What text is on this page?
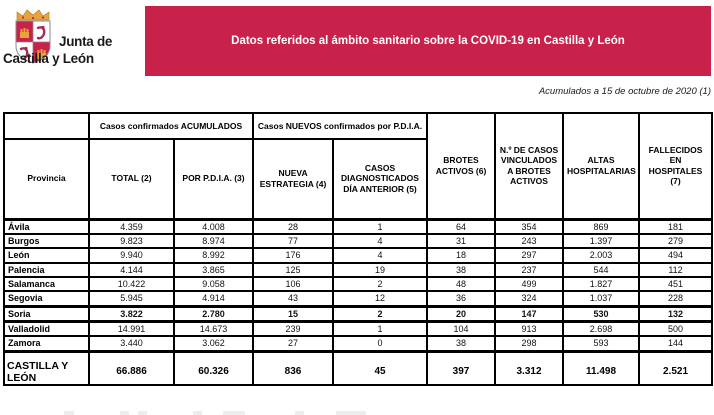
Junta de
Castilla y León
Datos referidos al ámbito sanitario sobre la COVID-19 en Castilla y León
Acumulados a 15 de octubre de 2020 (1)
	Casos confirmados ACUMULADOS		Casos NUEVOS confirmados por P.D.I.A.		BROTES ACTIVOS (6)	N.º DE CASOS VINCULADOS A BROTES ACTIVOS	ALTAS HOSPITALARIAS	FALLECIDOS EN HOSPITALES (7)
Provincia	TOTAL (2)	POR P.D.I.A. (3)	NUEVA ESTRATEGIA (4)	CASOS DIAGNOSTICADOS DÍA ANTERIOR (5)				
Ávila	4.359	4.008	28	1	64	354	869	181
Burgos	9.823	8.974	77	4	31	243	1.397	279
León	9.940	8.992	176	4	18	297	2.003	494
Palencia	4.144	3.865	125	19	38	237	544	112
Salamanca	10.422	9.058	106	2	48	499	1.827	451
Segovia	5.945	4.914	43	12	36	324	1.037	228
Soria	3.822	2.780	15	2	20	147	530	132
Valladolid	14.991	14.673	239	1	104	913	2.698	500
Zamora	3.440	3.062	27	0	38	298	593	144
CASTILLA Y LEÓN	66.886	60.326	836	45	397	3.312	11.498	2.521
